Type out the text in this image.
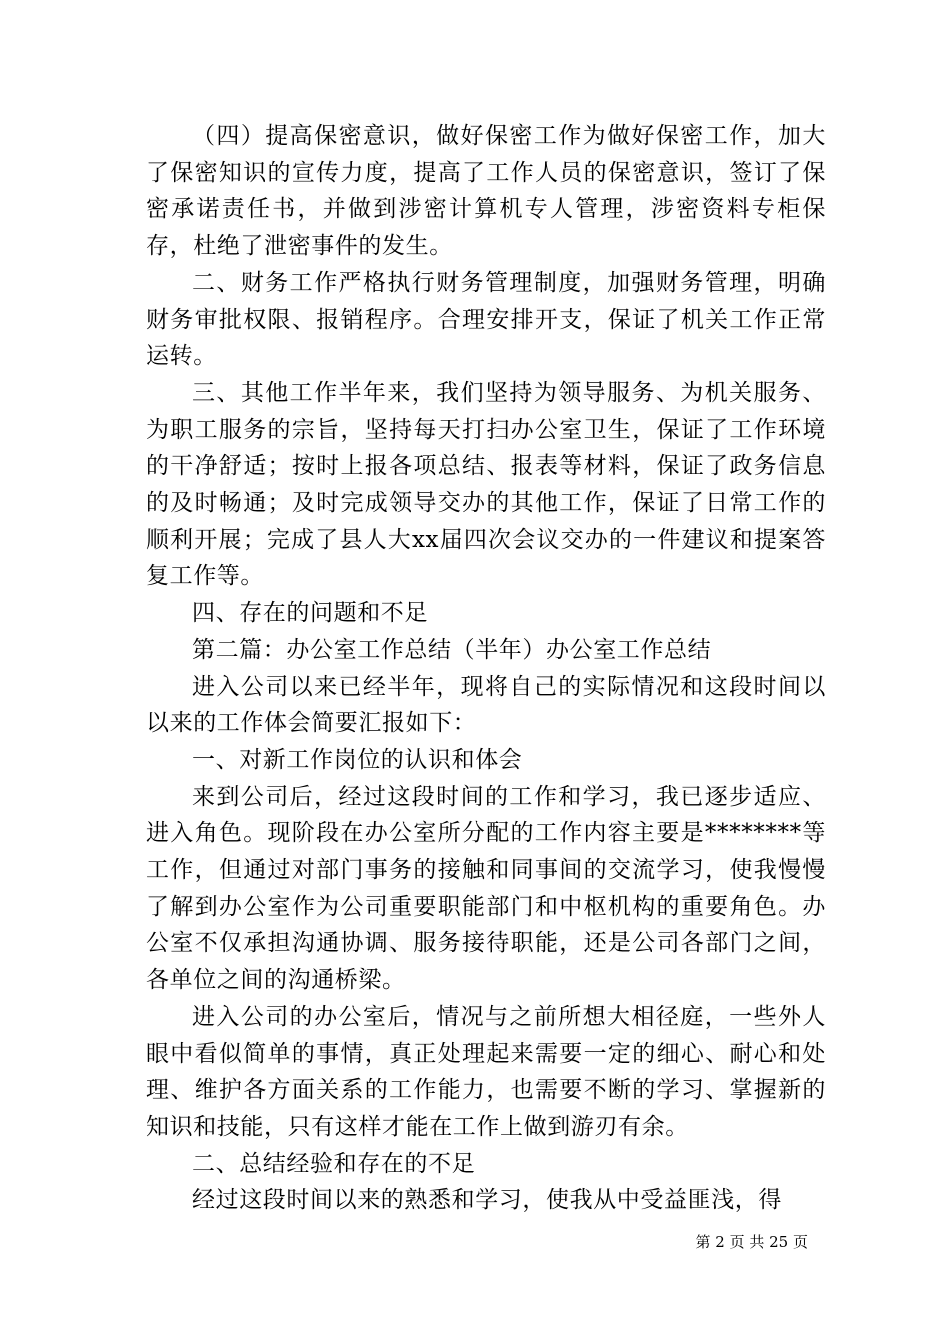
（四）提高保密意识，做好保密工作为做好保密工作，加大了保密知识的宣传力度，提高了工作人员的保密意识，签订了保密承诺责任书，并做到涉密计算机专人管理，涉密资料专柜保存，杜绝了泄密事件的发生。

二、财务工作严格执行财务管理制度，加强财务管理，明确财务审批权限、报销程序。合理安排开支，保证了机关工作正常运转。

三、其他工作半年来，我们坚持为领导服务、为机关服务、为职工服务的宗旨，坚持每天打扫办公室卫生，保证了工作环境的干净舒适；按时上报各项总结、报表等材料，保证了政务信息的及时畅通；及时完成领导交办的其他工作，保证了日常工作的顺利开展；完成了县人大xx届四次会议交办的一件建议和提案答复工作等。

四、存在的问题和不足

第二篇：办公室工作总结（半年）办公室工作总结

进入公司以来已经半年，现将自己的实际情况和这段时间以以来的工作体会简要汇报如下：

一、对新工作岗位的认识和体会

来到公司后，经过这段时间的工作和学习，我已逐步适应、进入角色。现阶段在办公室所分配的工作内容主要是********等工作，但通过对部门事务的接触和同事间的交流学习，使我慢慢了解到办公室作为公司重要职能部门和中枢机构的重要角色。办公室不仅承担沟通协调、服务接待职能，还是公司各部门之间，各单位之间的沟通桥梁。

进入公司的办公室后，情况与之前所想大相径庭，一些外人眼中看似简单的事情，真正处理起来需要一定的细心、耐心和处理、维护各方面关系的工作能力，也需要不断的学习、掌握新的知识和技能，只有这样才能在工作上做到游刃有余。

二、总结经验和存在的不足

经过这段时间以来的熟悉和学习，使我从中受益匪浅，得

第 2 页 共 25 页
